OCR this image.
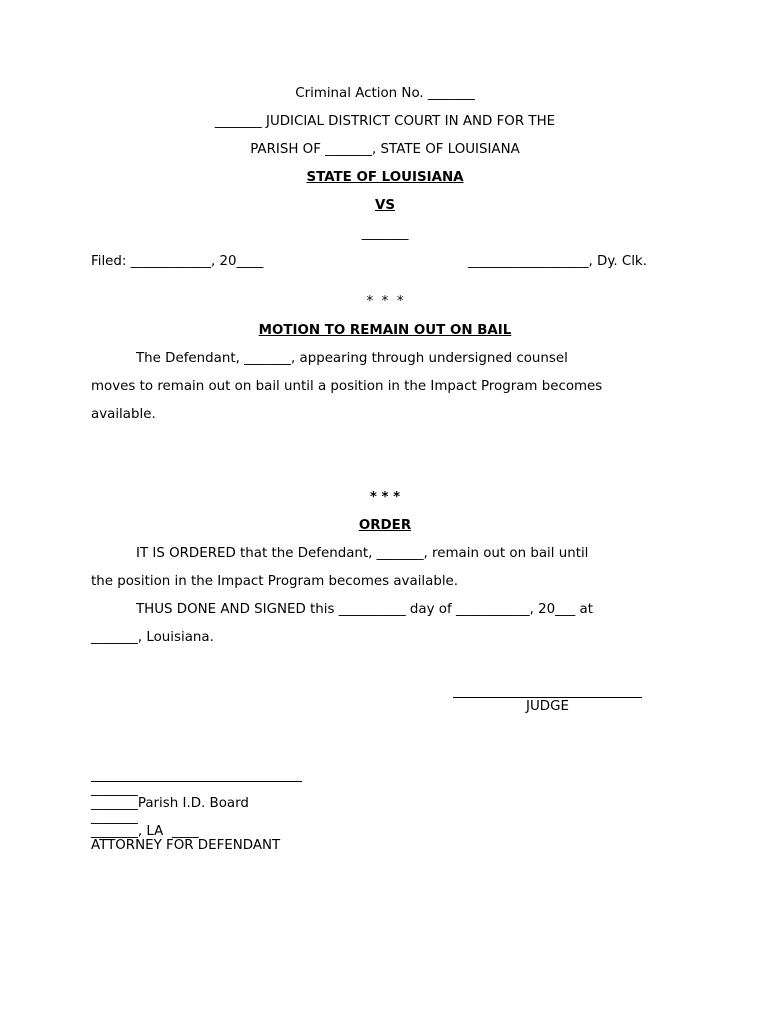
Criminal Action No. _______
_______ JUDICIAL DISTRICT COURT IN AND FOR THE
PARISH OF _______, STATE OF LOUISIANA
STATE OF LOUISIANA
VS
_______
Filed: ____________, 20____	__________________, Dy. Clk.
*  *  *
MOTION TO REMAIN OUT ON BAIL
The Defendant, _______, appearing through undersigned counsel
moves to remain out on bail until a position in the Impact Program becomes
available.
* * *
ORDER
IT IS ORDERED that the Defendant, _______, remain out on bail until
the position in the Impact Program becomes available.
THUS DONE AND SIGNED this __________ day of ___________, 20___ at
_______, Louisiana.
JUDGE
_______
_______Parish I.D. Board
_______
_______, LA  ____
ATTORNEY FOR DEFENDANT
